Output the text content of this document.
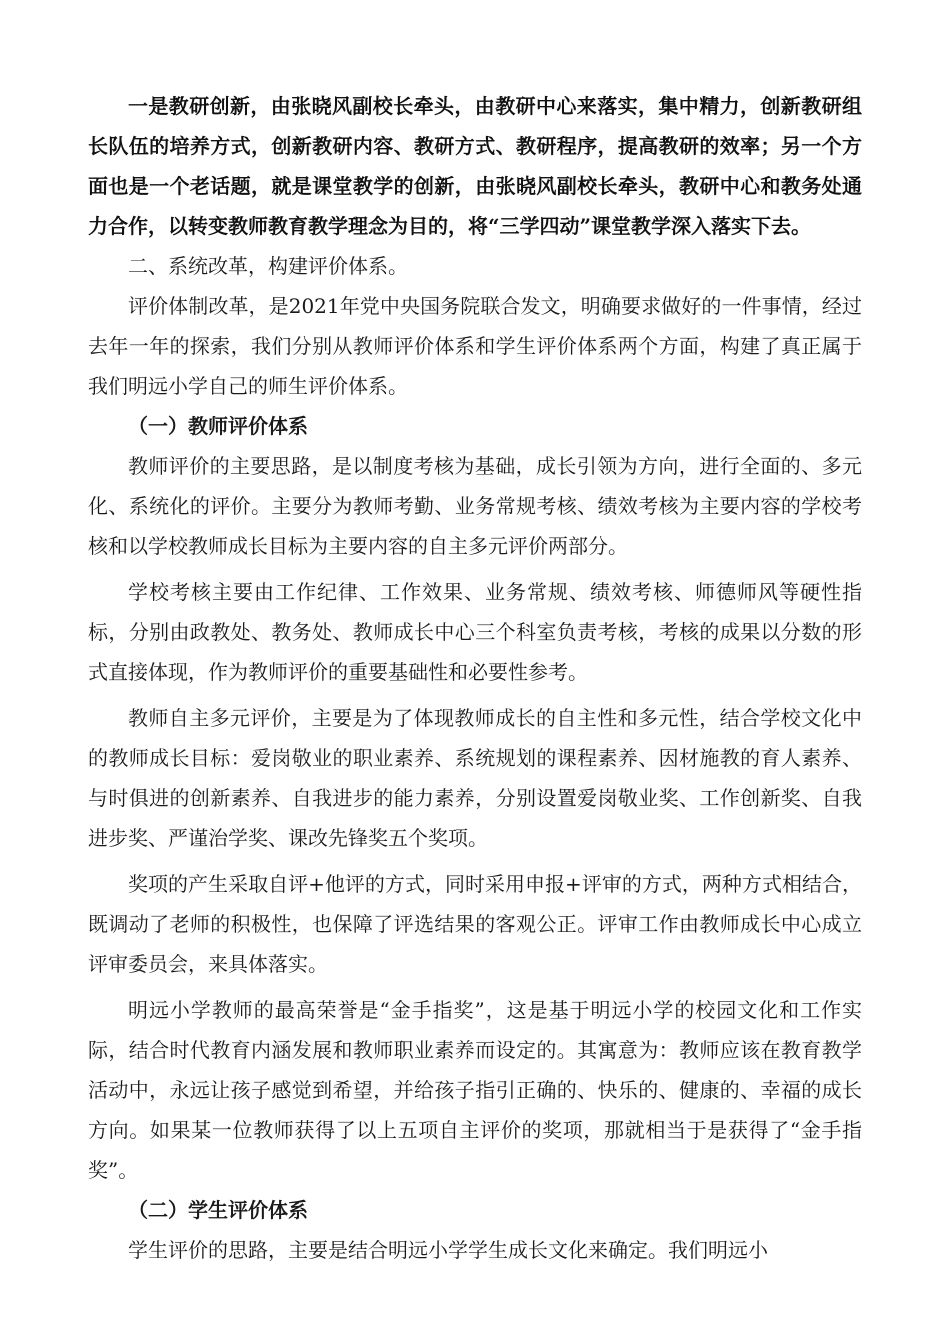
一是教研创新，由张晓风副校长牵头，由教研中心来落实，集中精力，创新教研组长队伍的培养方式，创新教研内容、教研方式、教研程序，提高教研的效率；另一个方面也是一个老话题，就是课堂教学的创新，由张晓风副校长牵头，教研中心和教务处通力合作，以转变教师教育教学理念为目的，将“三学四动”课堂教学深入落实下去。

二、系统改革，构建评价体系。

评价体制改革，是2021年党中央国务院联合发文，明确要求做好的一件事情，经过去年一年的探索，我们分别从教师评价体系和学生评价体系两个方面，构建了真正属于我们明远小学自己的师生评价体系。

（一）教师评价体系

教师评价的主要思路，是以制度考核为基础，成长引领为方向，进行全面的、多元化、系统化的评价。主要分为教师考勤、业务常规考核、绩效考核为主要内容的学校考核和以学校教师成长目标为主要内容的自主多元评价两部分。

学校考核主要由工作纪律、工作效果、业务常规、绩效考核、师德师风等硬性指标，分别由政教处、教务处、教师成长中心三个科室负责考核，考核的成果以分数的形式直接体现，作为教师评价的重要基础性和必要性参考。

教师自主多元评价，主要是为了体现教师成长的自主性和多元性，结合学校文化中的教师成长目标：爱岗敬业的职业素养、系统规划的课程素养、因材施教的育人素养、与时俱进的创新素养、自我进步的能力素养，分别设置爱岗敬业奖、工作创新奖、自我进步奖、严谨治学奖、课改先锋奖五个奖项。

奖项的产生采取自评+他评的方式，同时采用申报+评审的方式，两种方式相结合，既调动了老师的积极性，也保障了评选结果的客观公正。评审工作由教师成长中心成立评审委员会，来具体落实。

明远小学教师的最高荣誉是“金手指奖”，这是基于明远小学的校园文化和工作实际，结合时代教育内涵发展和教师职业素养而设定的。其寓意为：教师应该在教育教学活动中，永远让孩子感觉到希望，并给孩子指引正确的、快乐的、健康的、幸福的成长方向。如果某一位教师获得了以上五项自主评价的奖项，那就相当于是获得了“金手指奖”。

（二）学生评价体系

学生评价的思路，主要是结合明远小学学生成长文化来确定。我们明远小
